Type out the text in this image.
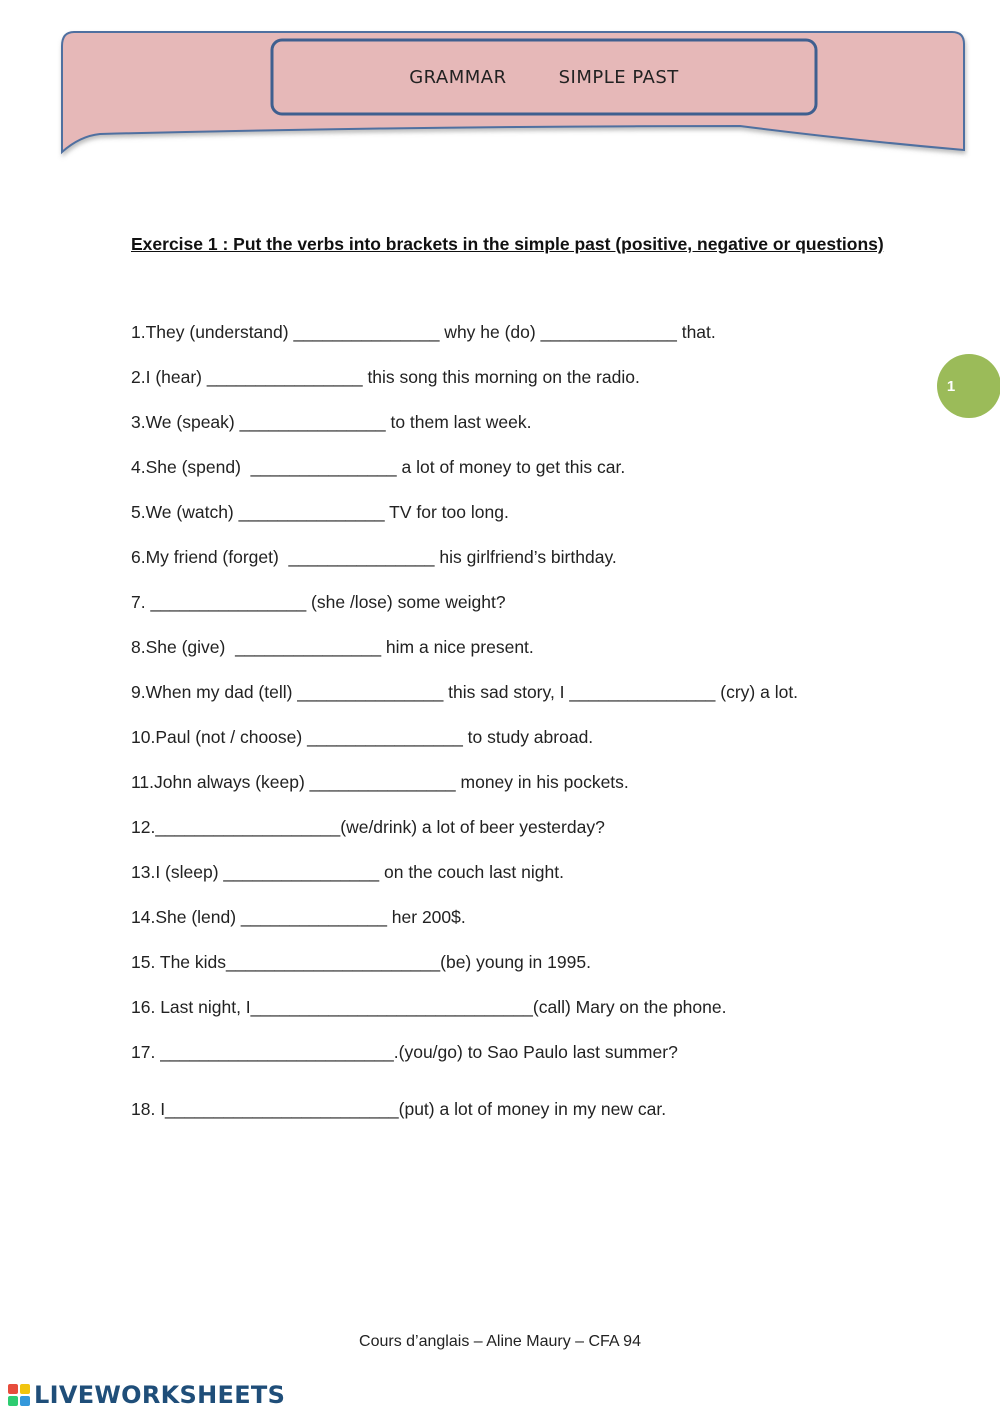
GRAMMAR	SIMPLE PAST
Exercise 1 : Put the verbs into brackets in the simple past (positive, negative or questions)
1.They (understand) _______________ why he (do) ______________ that.
2.I (hear) ________________ this song this morning on the radio.
3.We (speak) _______________ to them last week.
4.She (spend)  _______________ a lot of money to get this car.
5.We (watch) _______________ TV for too long.
6.My friend (forget)  _______________ his girlfriend’s birthday.
7. ________________ (she /lose) some weight?
8.She (give)  _______________ him a nice present.
9.When my dad (tell) _______________ this sad story, I _______________ (cry) a lot.
10.Paul (not / choose) ________________ to study abroad.
11.John always (keep) _______________ money in his pockets.
12.___________________(we/drink) a lot of beer yesterday?
13.I (sleep) ________________ on the couch last night.
14.She (lend) _______________ her 200$.
15. The kids______________________(be) young in 1995.
16. Last night, I_____________________________(call) Mary on the phone.
17. ________________________.(you/go) to Sao Paulo last summer?
18. I________________________(put) a lot of money in my new car.
1
Cours d’anglais – Aline Maury – CFA 94
LIVEWORKSHEETS
